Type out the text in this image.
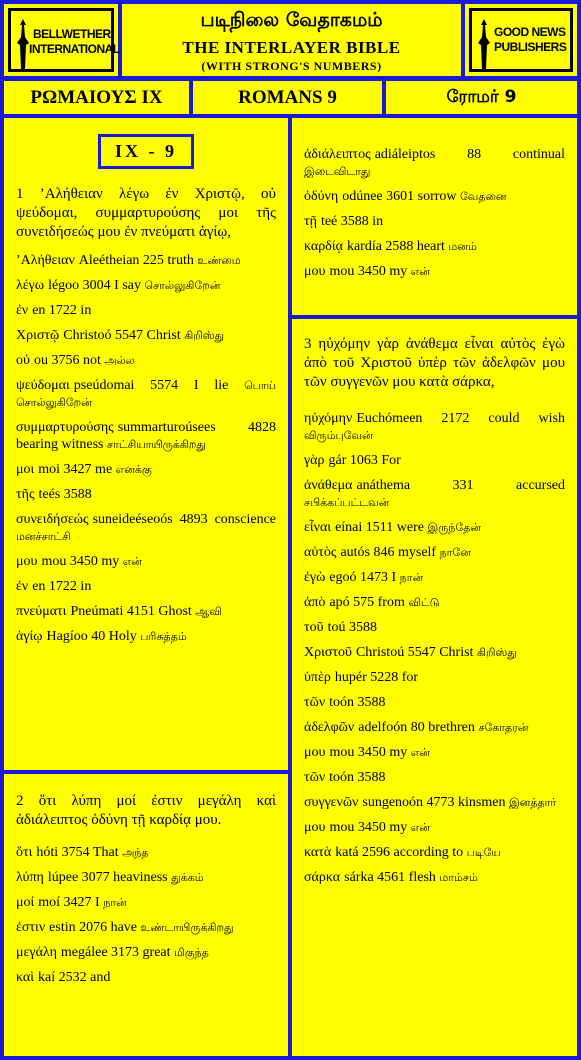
BELLWETHER
INTERNATIONAL
படிநிலை வேதாகமம்
THE INTERLAYER BIBLE
(WITH STRONG'S NUMBERS)
GOOD NEWS
PUBLISHERS
ΡΩΜΑΙΟΥΣ IX	ROMANS 9	ரோமர் 9
IX - 9
1 ’Αλήθειαν λέγω ἐν Χριστῷ, οὐ ψεύδομαι, συμμαρτυρούσης μοι τῆς συνειδήσεώς μου ἐν πνεύματι ἁγίῳ,
’Αλήθειαν Aleétheian 225 truth உண்மை
λέγω légoo 3004 I say சொல்லுகிறேன்
ἐν en 1722 in
Χριστῷ Christoó 5547 Christ கிறிஸ்து
οὐ ou 3756 not அல்ல
ψεύδομαι pseúdomai 5574 I lie பொய் சொல்லுகிறேன்
συμμαρτυρούσης summarturoúsees 4828 bearing witness சாட்சியாயிருக்கிறது
μοι moi 3427 me எனக்கு
τῆς teés 3588
συνειδήσεώς suneideéseoós 4893 conscience மனச்சாட்சி
μου mou 3450 my என்
ἐν en 1722 in
πνεύματι Pneúmati 4151 Ghost ஆவி
ἁγίῳ Hagíoo 40 Holy பரிசுத்தம்
2 ὅτι λύπη μοί ἐστιν μεγάλη καὶ ἀδιάλειπτος ὀδύνη τῇ καρδίᾳ μου.
ὅτι hóti 3754 That அந்த
λύπη lúpee 3077 heaviness துக்கம்
μοί moí 3427 I நான்
ἐστιν estin 2076 have உண்டாயிருக்கிறது
μεγάλη megálee 3173 great மிகுந்த
καὶ kaí 2532 and
ἀδιάλειπτος adiáleiptos 88 continual இடைவிடாது
ὀδύνη odúnee 3601 sorrow வேதனை
τῇ teé 3588 in
καρδίᾳ kardía 2588 heart மனம்
μου mou 3450 my என்
3 ηὐχόμην γὰρ ἀνάθεμα εἶναι αὐτὸς ἐγὼ ἀπὸ τοῦ Χριστοῦ ὑπὲρ τῶν ἀδελφῶν μου τῶν συγγενῶν μου κατὰ σάρκα,
ηὐχόμην Euchómeen 2172 could wish விரும்புவேன்
γὰρ gár 1063 For
ἀνάθεμα anáthema 331 accursed சபிக்கப்பட்டவன்
εἶναι eínai 1511 were இருந்தேன்
αὐτὸς autós 846 myself நானே
ἐγὼ egoó 1473 I நான்
ἀπὸ apó 575 from விட்டு
τοῦ toú 3588
Χριστοῦ Christoú 5547 Christ கிறிஸ்து
ὑπὲρ hupér 5228 for
τῶν toón 3588
ἀδελφῶν adelfoón 80 brethren சகோதரன்
μου mou 3450 my என்
τῶν toón 3588
συγγενῶν sungenoón 4773 kinsmen இனத்தார்
μου mou 3450 my என்
κατὰ katá 2596 according to படியே
σάρκα sárka 4561 flesh மாம்சம்
